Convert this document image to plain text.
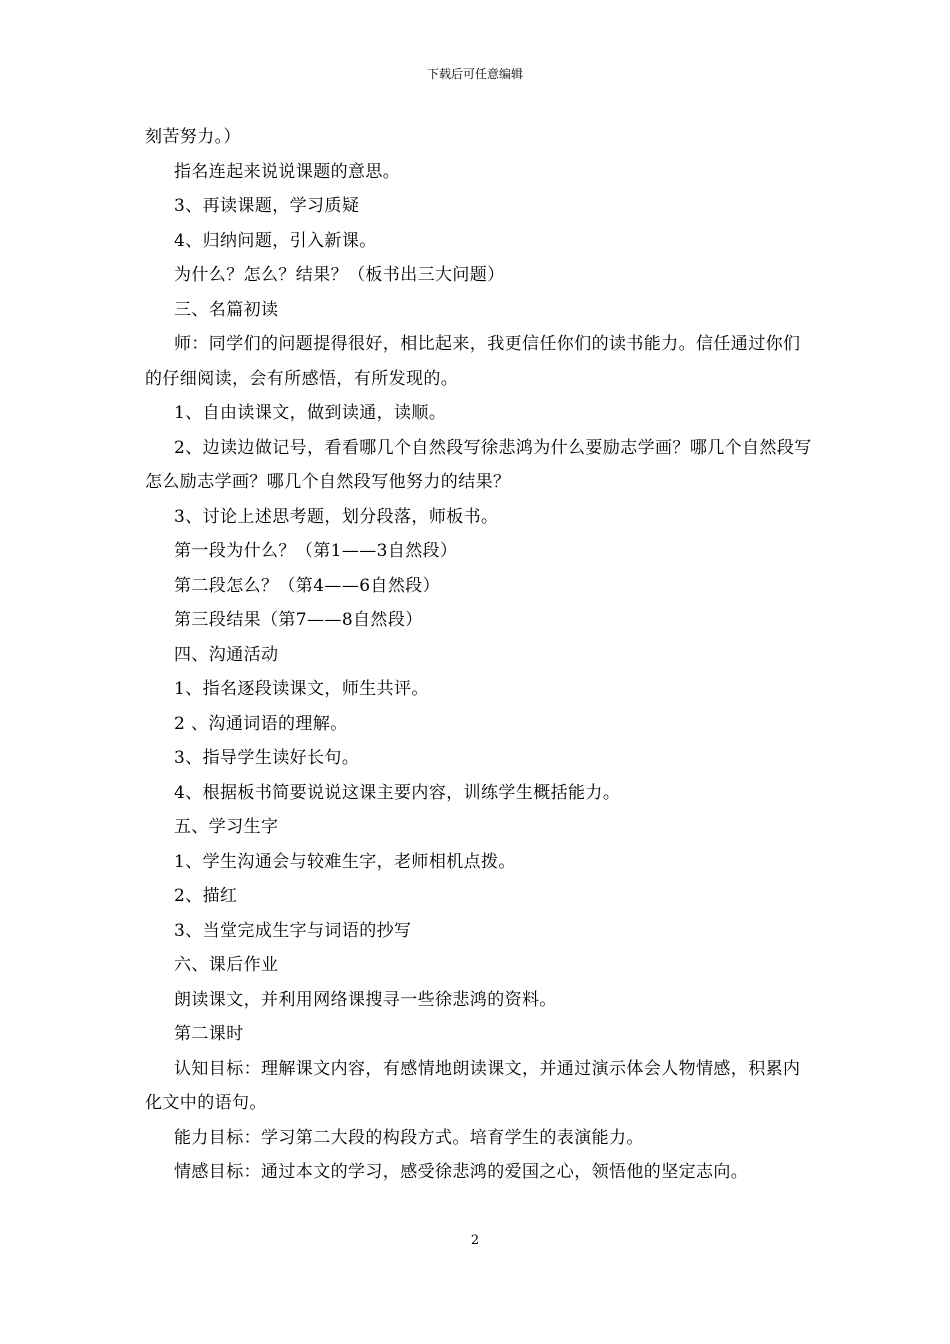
下载后可任意编辑

刻苦努力。）

指名连起来说说课题的意思。

3、再读课题，学习质疑

4、归纳问题，引入新课。

为什么？怎么？结果？（板书出三大问题）

三、名篇初读

师：同学们的问题提得很好，相比起来，我更信任你们的读书能力。信任通过你们的仔细阅读，会有所感悟，有所发现的。

1、自由读课文，做到读通，读顺。

2、边读边做记号，看看哪几个自然段写徐悲鸿为什么要励志学画？哪几个自然段写怎么励志学画？哪几个自然段写他努力的结果？

3、讨论上述思考题，划分段落，师板书。

第一段为什么？（第1——3自然段）

第二段怎么？（第4——6自然段）

第三段结果（第7——8自然段）

四、沟通活动

1、指名逐段读课文，师生共评。

2 、沟通词语的理解。

3、指导学生读好长句。

4、根据板书简要说说这课主要内容，训练学生概括能力。

五、学习生字

1、学生沟通会与较难生字，老师相机点拨。

2、描红

3、当堂完成生字与词语的抄写

六、课后作业

朗读课文，并利用网络课搜寻一些徐悲鸿的资料。

第二课时

认知目标：理解课文内容，有感情地朗读课文，并通过演示体会人物情感，积累内化文中的语句。

能力目标：学习第二大段的构段方式。培育学生的表演能力。

情感目标：通过本文的学习，感受徐悲鸿的爱国之心，领悟他的坚定志向。

2
